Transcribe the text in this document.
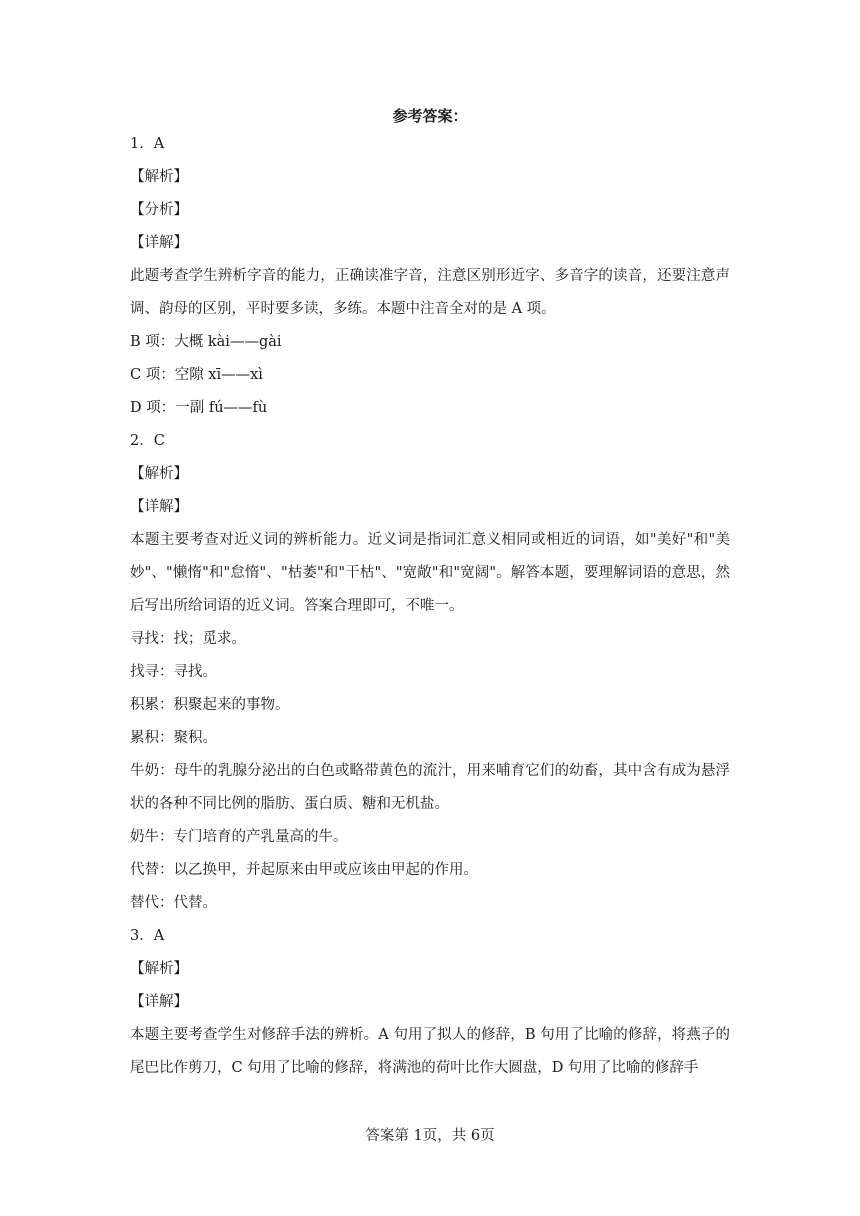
参考答案：
1．A
【解析】
【分析】
【详解】
此题考查学生辨析字音的能力，正确读准字音，注意区别形近字、多音字的读音，还要注意声调、韵母的区别，平时要多读，多练。本题中注音全对的是 A 项。
B 项：大概 kài——gài
C 项：空隙 xī——xì
D 项：一副 fú——fù
2．C
【解析】
【详解】
本题主要考查对近义词的辨析能力。近义词是指词汇意义相同或相近的词语，如"美好"和"美妙"、"懒惰"和"怠惰"、"枯萎"和"干枯"、"宽敞"和"宽阔"。解答本题，要理解词语的意思，然后写出所给词语的近义词。答案合理即可，不唯一。
寻找：找；觅求。
找寻：寻找。
积累：积聚起来的事物。
累积：聚积。
牛奶：母牛的乳腺分泌出的白色或略带黄色的流汁，用来哺育它们的幼畜，其中含有成为悬浮状的各种不同比例的脂肪、蛋白质、糖和无机盐。
奶牛：专门培育的产乳量高的牛。
代替：以乙换甲，并起原来由甲或应该由甲起的作用。
替代：代替。
3．A
【解析】
【详解】
本题主要考查学生对修辞手法的辨析。A 句用了拟人的修辞，B 句用了比喻的修辞，将燕子的尾巴比作剪刀，C 句用了比喻的修辞，将满池的荷叶比作大圆盘，D 句用了比喻的修辞手
答案第 1页，共 6页
